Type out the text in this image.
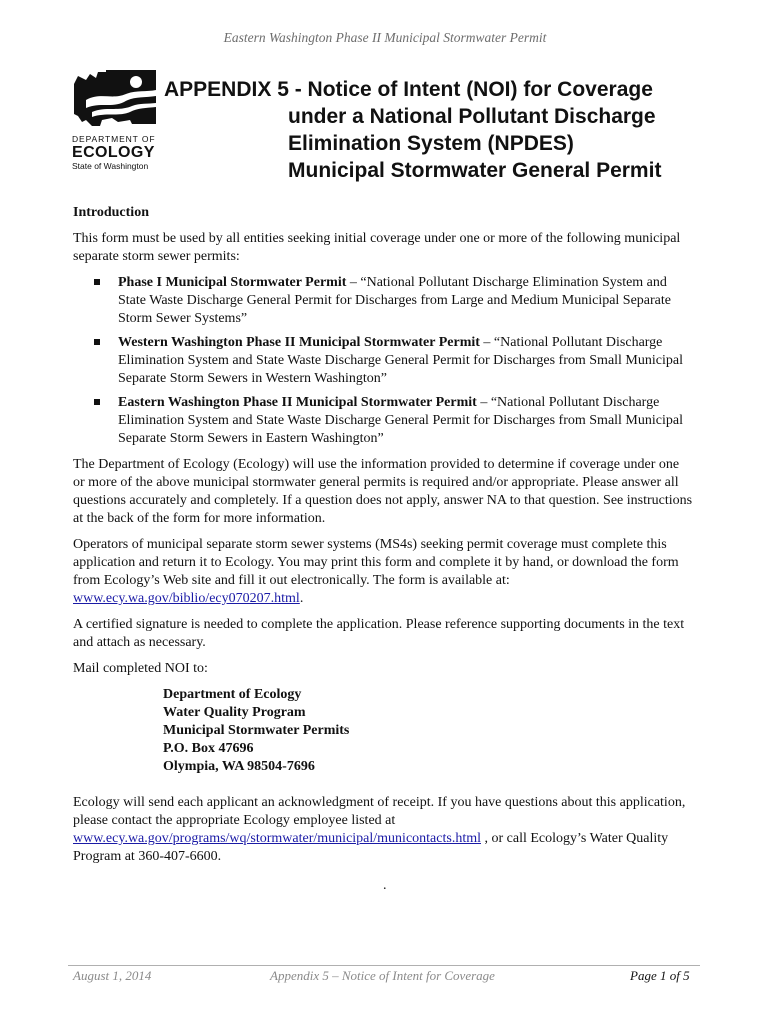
Eastern Washington Phase II Municipal Stormwater Permit
DEPARTMENT OF
ECOLOGY
State of Washington
APPENDIX 5 - Notice of Intent (NOI) for Coverage
under a National Pollutant Discharge
Elimination System (NPDES)
Municipal Stormwater General Permit
Introduction

This form must be used by all entities seeking initial coverage under one or more of the following municipal separate storm sewer permits:

Phase I Municipal Stormwater Permit – “National Pollutant Discharge Elimination System and State Waste Discharge General Permit for Discharges from Large and Medium Municipal Separate Storm Sewer Systems”
Western Washington Phase II Municipal Stormwater Permit – “National Pollutant Discharge Elimination System and State Waste Discharge General Permit for Discharges from Small Municipal Separate Storm Sewers in Western Washington”
Eastern Washington Phase II Municipal Stormwater Permit – “National Pollutant Discharge Elimination System and State Waste Discharge General Permit for Discharges from Small Municipal Separate Storm Sewers in Eastern Washington”

The Department of Ecology (Ecology) will use the information provided to determine if coverage under one or more of the above municipal stormwater general permits is required and/or appropriate. Please answer all questions accurately and completely. If a question does not apply, answer NA to that question. See instructions at the back of the form for more information.

Operators of municipal separate storm sewer systems (MS4s) seeking permit coverage must complete this application and return it to Ecology. You may print this form and complete it by hand, or download the form from Ecology’s Web site and fill it out electronically. The form is available at: www.ecy.wa.gov/biblio/ecy070207.html.

A certified signature is needed to complete the application. Please reference supporting documents in the text and attach as necessary.

Mail completed NOI to:

Department of Ecology
Water Quality Program
Municipal Stormwater Permits
P.O. Box 47696
Olympia, WA 98504-7696

Ecology will send each applicant an acknowledgment of receipt. If you have questions about this application, please contact the appropriate Ecology employee listed at www.ecy.wa.gov/programs/wq/stormwater/municipal/municontacts.html , or call Ecology’s Water Quality Program at 360-407-6600.

.
August 1, 2014	Appendix 5 – Notice of Intent for Coverage	Page 1 of 5
